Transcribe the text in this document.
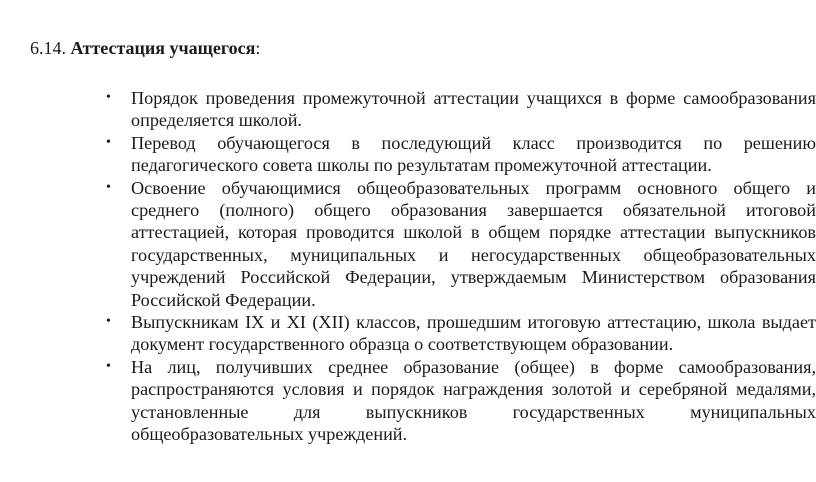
6.14. Аттестация учащегося:
• Порядок проведения промежуточной аттестации учащихся в форме самообразования определяется школой.
• Перевод обучающегося в последующий класс производится по решению педагогического совета школы по результатам промежуточной аттестации.
• Освоение обучающимися общеобразовательных программ основного общего и среднего (полного) общего образования завершается обязательной итоговой аттестацией, которая проводится школой в общем порядке аттестации выпускников государственных, муниципальных и негосударственных общеобразовательных учреждений Российской Федерации, утверждаемым Министерством образования Российской Федерации.
• Выпускникам IX и XI (XII) классов, прошедшим итоговую аттестацию, школа выдает документ государственного образца о соответствующем образовании.
• На лиц, получивших среднее образование (общее) в форме самообразования, распространяются условия и порядок награждения золотой и серебряной медалями, установленные для выпускников государственных муниципальных общеобразовательных учреждений.
